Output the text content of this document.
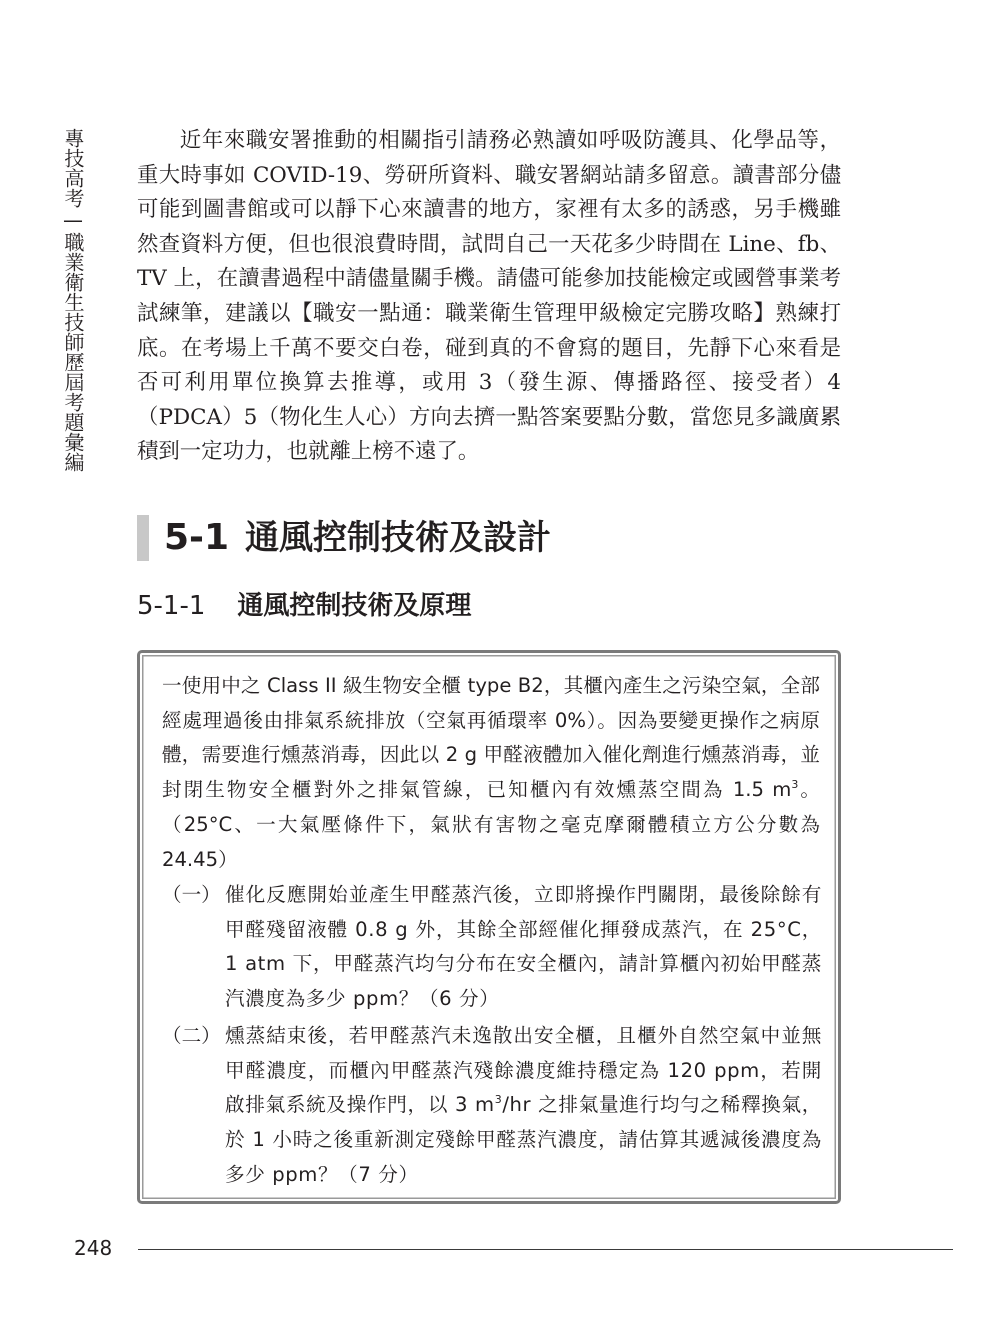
專技高考—職業衛生技師歷屆考題彙編	近年來職安署推動的相關指引請務必熟讀如呼吸防護具、化學品等，重大時事如 COVID-19、勞研所資料、職安署網站請多留意。讀書部分儘可能到圖書館或可以靜下心來讀書的地方，家裡有太多的誘惑，另手機雖然查資料方便，但也很浪費時間，試問自己一天花多少時間在 Line、fb、TV 上，在讀書過程中請儘量關手機。請儘可能參加技能檢定或國營事業考試練筆，建議以【職安一點通：職業衛生管理甲級檢定完勝攻略】熟練打底。在考場上千萬不要交白卷，碰到真的不會寫的題目，先靜下心來看是否可利用單位換算去推導，或用 3（發生源、傳播路徑、接受者）4（PDCA）5（物化生人心）方向去擠一點答案要點分數，當您見多識廣累積到一定功力，也就離上榜不遠了。

5-1 通風控制技術及設計
5-1-1 通風控制技術及原理

一使用中之 Class II 級生物安全櫃 type B2，其櫃內產生之污染空氣，全部經處理過後由排氣系統排放（空氣再循環率 0%）。因為要變更操作之病原體，需要進行燻蒸消毒，因此以 2 g 甲醛液體加入催化劑進行燻蒸消毒，並封閉生物安全櫃對外之排氣管線，已知櫃內有效燻蒸空間為 1.5 $m^3$。（25°C、一大氣壓條件下，氣狀有害物之毫克摩爾體積立方公分數為 24.45）

（一） 催化反應開始並產生甲醛蒸汽後，立即將操作門關閉，最後除餘有甲醛殘留液體 0.8 g 外，其餘全部經催化揮發成蒸汽，在 25°C，1 atm 下，甲醛蒸汽均勻分布在安全櫃內，請計算櫃內初始甲醛蒸汽濃度為多少 ppm？（6 分）
（二） 燻蒸結束後，若甲醛蒸汽未逸散出安全櫃，且櫃外自然空氣中並無甲醛濃度，而櫃內甲醛蒸汽殘餘濃度維持穩定為 120 ppm，若開啟排氣系統及操作門，以 3 $m^3/hr$ 之排氣量進行均勻之稀釋換氣，於 1 小時之後重新測定殘餘甲醛蒸汽濃度，請估算其遞減後濃度為多少 ppm？（7 分）

248
